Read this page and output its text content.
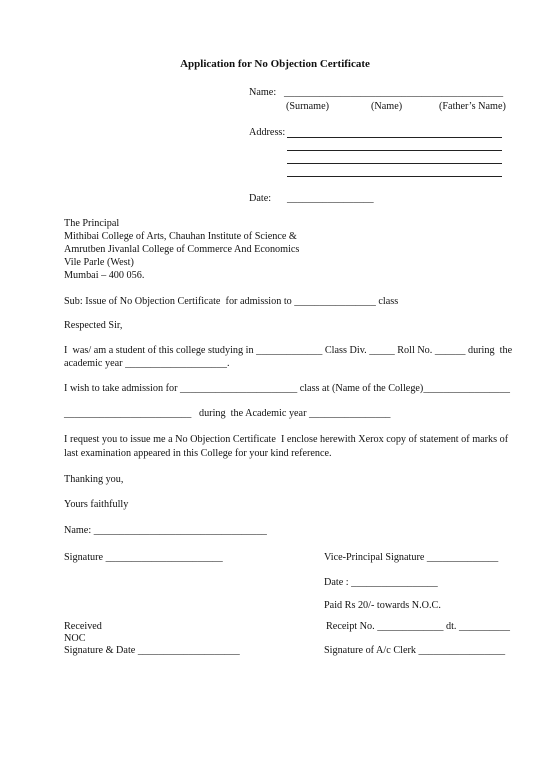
Application for No Objection Certificate
Name:
(Surname)	(Name)	(Father’s Name)
Address:
Date: _________________
The Principal
Mithibai College of Arts, Chauhan Institute of Science &
Amrutben Jivanlal College of Commerce And Economics
Vile Parle (West)
Mumbai – 400 056.
Sub: Issue of No Objection Certificate  for admission to ________________ class
Respected Sir,
I  was/ am a student of this college studying in _____________ Class Div. _____ Roll No. ______ during  the
academic year ____________________.
I wish to take admission for _______________________ class at (Name of the College)_________________
_________________________   during  the Academic year ________________
I request you to issue me a No Objection Certificate  I enclose herewith Xerox copy of statement of marks of
last examination appeared in this College for your kind reference.
Thanking you,
Yours faithfully
Name: __________________________________
Signature _______________________	Vice-Principal Signature ______________
Date : _________________
Paid Rs 20/- towards N.O.C.
Received	Receipt No. _____________ dt. __________
NOC
Signature & Date ____________________	Signature of A/c Clerk _________________
___________________________________________
